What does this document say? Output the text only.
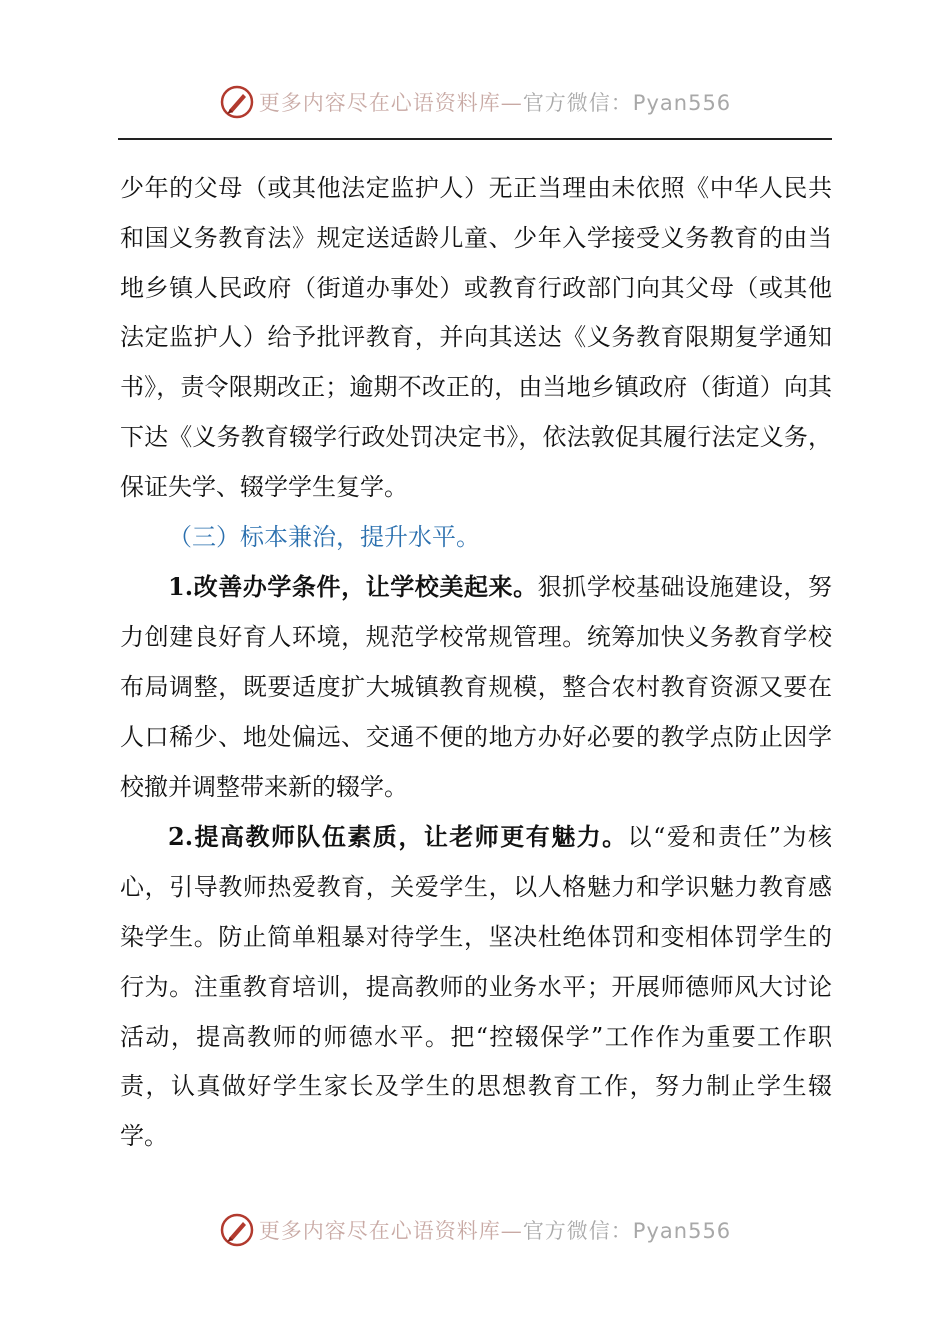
更多内容尽在心语资料库—官方微信：Pyan556

少年的父母（或其他法定监护人）无正当理由未依照《中华人民共和国义务教育法》规定送适龄儿童、少年入学接受义务教育的由当地乡镇人民政府（街道办事处）或教育行政部门向其父母（或其他法定监护人）给予批评教育，并向其送达《义务教育限期复学通知书》，责令限期改正；逾期不改正的，由当地乡镇政府（街道）向其下达《义务教育辍学行政处罚决定书》，依法敦促其履行法定义务，保证失学、辍学学生复学。

（三）标本兼治，提升水平。

1.改善办学条件，让学校美起来。狠抓学校基础设施建设，努力创建良好育人环境，规范学校常规管理。统筹加快义务教育学校布局调整，既要适度扩大城镇教育规模，整合农村教育资源又要在人口稀少、地处偏远、交通不便的地方办好必要的教学点防止因学校撤并调整带来新的辍学。

2.提高教师队伍素质，让老师更有魅力。以“爱和责任”为核心，引导教师热爱教育，关爱学生，以人格魅力和学识魅力教育感染学生。防止简单粗暴对待学生，坚决杜绝体罚和变相体罚学生的行为。注重教育培训，提高教师的业务水平；开展师德师风大讨论活动，提高教师的师德水平。把“控辍保学”工作作为重要工作职责，认真做好学生家长及学生的思想教育工作，努力制止学生辍学。

更多内容尽在心语资料库—官方微信：Pyan556
